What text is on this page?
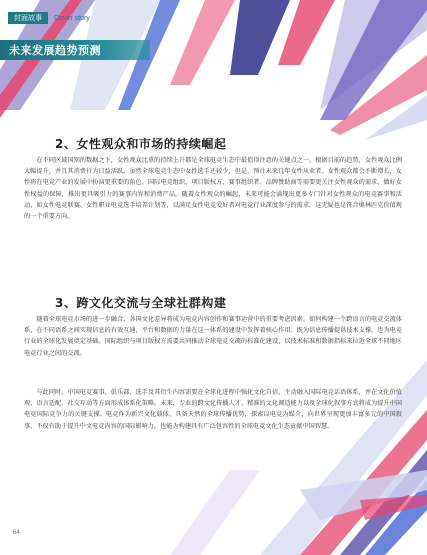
封面故事	Cover story
未来发展趋势预测
2、女性观众和市场的持续崛起

在不同区域国别的数据之下，女性观众比重的持续上升都是全球电竞生态中最值得注意的关键点之一。根据目前的趋势，女性观众比例大幅提升，并且其消费行为日益活跃。虽然全球电竞生态中女性选手还较少，但是，预计未来几年女性从业者、女性观众都会不断增长，女性将在电竞产业的发展中扮演更重要的角色。国际电竞组织、项目版权方、赛事组织者、品牌赞助商等需要更关注女性观众的需求，做好女性权益的保障，推出更具吸引力的赛事内容和消费产品。随着女性观众的崛起，未来可能会涌现出更多专门针对女性观众的电竞赛事和活动，如女性电竞联赛、女性职业电竞选手培养计划等，以满足女性电竞爱好者对电竞行业深度参与的需求。这无疑也是符合奥林匹克价值观的一个重要方向。

3、跨文化交流与全球社群构建

随着全球电竞市场的进一步融合，各国文化差异将成为电竞内容创作和赛事运营中的重要考虑因素。如何构建一个跨语言的电竞交流体系，在不同语系之间实现信息的有效互通，平台和数据的力量在这一体系的建设中发挥着核心作用。既为信息传播提供技术支撑，也为电竞行业的全球化发展奠定基础。国际组织与项目版权方需要共同推动全球电竞交流的标准化建设，以技术标准和数据指标来拉近全球不同地区电竞行业之间的交流。

与此同时，中国电竞赛事、俱乐部、选手及其衍生内容需要在全球化进程中强化文化自信，主动融入国际电竞话语体系，并在文化价值观、语言适配、社交互动等方面形成体系化策略。未来，专业的跨文化传播人才、精准的文化调适能力以及全球化叙事方式将成为提升中国电竞国际竞争力的关键支撑。电竞作为新兴文化载体，具备天然的全球传播优势，探索以电竞为媒介，向世界呈现更加丰富多元的中国叙事，不仅有助于提升中文电竞内容的国际影响力，也能为构建具有广泛包容性的全球电竞文化生态贡献中国智慧。

64
